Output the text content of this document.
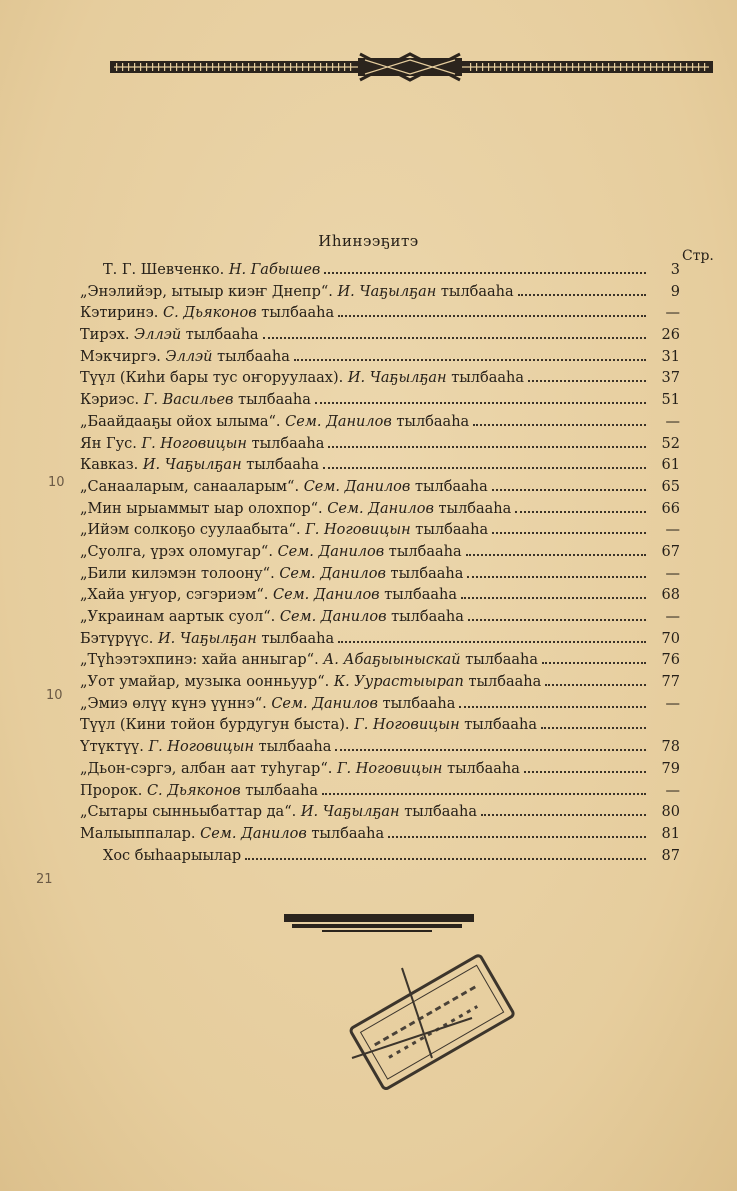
Иһинээҕитэ
Стр.
Т. Г. Шевченко. Н. Габышев	3
„Энэлийэр, ытыыр киэҥ Днепр“. И. Чаҕылҕан тылбааһа	9
Кэтиринэ. С. Дьяконов тылбааһа	—
Тирэх. Эллэй тылбааһа	26
Мэкчиргэ. Эллэй тылбааһа	31
Түүл (Киһи бары тус оҥоруулаах). И. Чаҕылҕан тылбааһа	37
Кэриэс. Г. Васильев тылбааһа	51
„Баайдааҕы ойох ылыма“. Сем. Данилов тылбааһа	—
Ян Гус. Г. Ноговицын тылбааһа	52
Кавказ. И. Чаҕылҕан тылбааһа	61
„Санааларым, санааларым“. Сем. Данилов тылбааһа	65
„Мин ырыаммыт ыар олохпор“. Сем. Данилов тылбааһа	66
„Ийэм солкоҕо суулаабыта“. Г. Ноговицын тылбааһа	—
„Суолга, үрэх оломугар“. Сем. Данилов тылбааһа	67
„Били килэмэн толоону“. Сем. Данилов тылбааһа	—
„Хайа уҥуор, сэгэриэм“. Сем. Данилов тылбааһа	68
„Украинам аартык суол“. Сем. Данилов тылбааһа	—
Бэтүрүүс. И. Чаҕылҕан тылбааһа	70
„Түһээтэхпинэ: хайа анныгар“. А. Абаҕыыныскай тылбааһа	76
„Уот умайар, музыка оонньуур“. К. Уурастыырап тылбааһа	77
„Эмиэ өлүү күнэ үүннэ“. Сем. Данилов тылбааһа	—
Түүл (Кини тойон бурдугун быста). Г. Ноговицын тылбааһа
Үтүктүү. Г. Ноговицын тылбааһа	78
„Дьон-сэргэ, албан аат туһугар“. Г. Ноговицын тылбааһа	79
Пророк. С. Дьяконов тылбааһа	—
„Сытары сынньыбаттар да“. И. Чаҕылҕан тылбааһа	80
Малыыппалар. Сем. Данилов тылбааһа	81
Хос быһаарыылар	87
10
10
21
